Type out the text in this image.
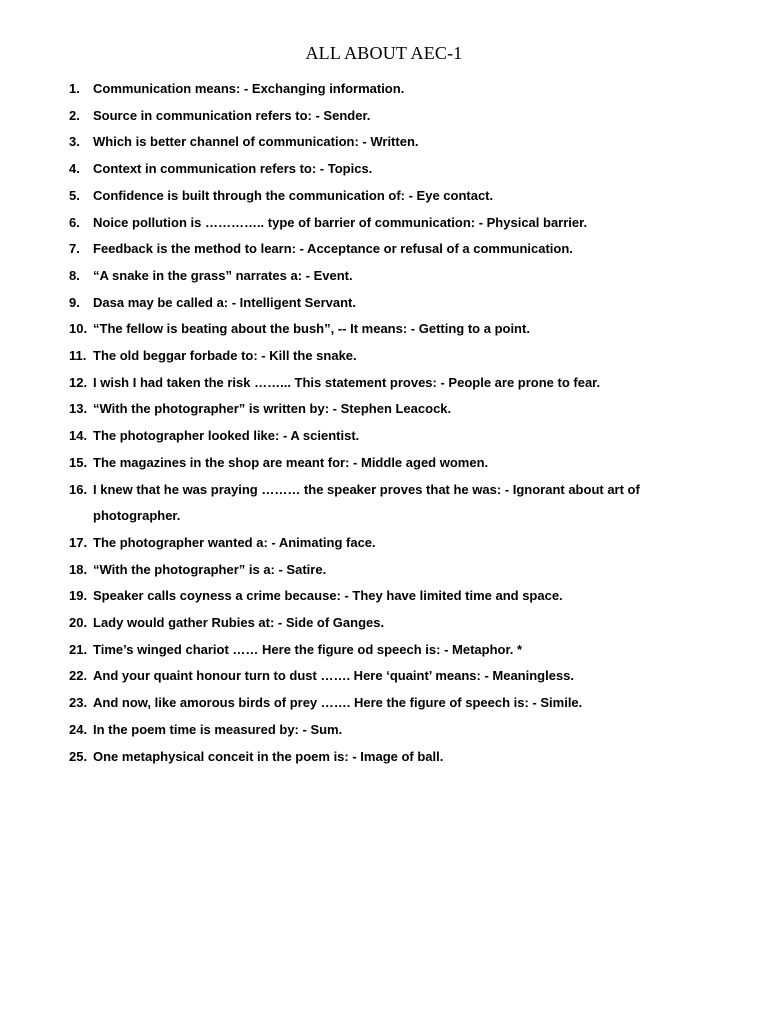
ALL ABOUT AEC-1
1.	Communication means: - Exchanging information.
2.	Source in communication refers to: - Sender.
3.	Which is better channel of communication: - Written.
4.	Context in communication refers to: - Topics.
5.	Confidence is built through the communication of: - Eye contact.
6.	Noice pollution is ………….. type of barrier of communication: - Physical barrier.
7.	Feedback is the method to learn: - Acceptance or refusal of a communication.
8.	“A snake in the grass” narrates a: - Event.
9.	Dasa may be called a: - Intelligent Servant.
10. “The fellow is beating about the bush”, -- It means: - Getting to a point.
11. The old beggar forbade to: - Kill the snake.
12. I wish I had taken the risk ……... This statement proves: - People are prone to fear.
13. “With the photographer” is written by: - Stephen Leacock.
14. The photographer looked like: - A scientist.
15. The magazines in the shop are meant for: - Middle aged women.
16. I knew that he was praying ……… the speaker proves that he was: - Ignorant about art of photographer.
17. The photographer wanted a: - Animating face.
18. “With the photographer” is a: - Satire.
19. Speaker calls coyness a crime because: - They have limited time and space.
20. Lady would gather Rubies at: - Side of Ganges.
21. Time’s winged chariot …… Here the figure od speech is: - Metaphor. *
22. And your quaint honour turn to dust ……. Here ‘quaint’ means: - Meaningless.
23. And now, like amorous birds of prey ……. Here the figure of speech is: - Simile.
24. In the poem time is measured by: - Sum.
25. One metaphysical conceit in the poem is: - Image of ball.
